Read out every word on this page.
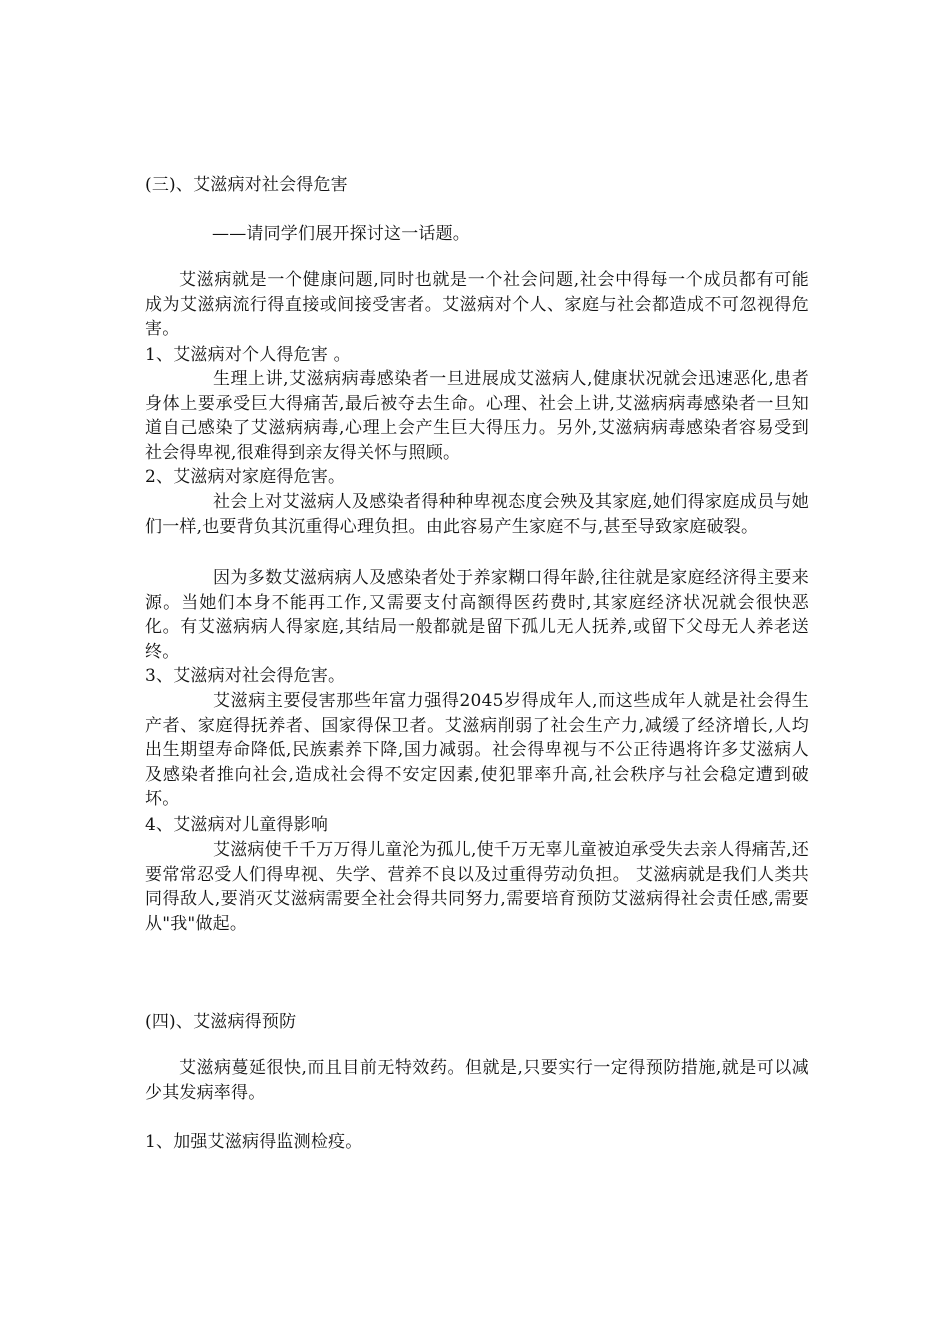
(三)、艾滋病对社会得危害
——请同学们展开探讨这一话题。
艾滋病就是一个健康问题,同时也就是一个社会问题,社会中得每一个成员都有可能成为艾滋病流行得直接或间接受害者。艾滋病对个人、家庭与社会都造成不可忽视得危害。
1、艾滋病对个人得危害 。
生理上讲,艾滋病病毒感染者一旦进展成艾滋病人,健康状况就会迅速恶化,患者身体上要承受巨大得痛苦,最后被夺去生命。心理、社会上讲,艾滋病病毒感染者一旦知道自己感染了艾滋病病毒,心理上会产生巨大得压力。另外,艾滋病病毒感染者容易受到社会得卑视,很难得到亲友得关怀与照顾。
2、艾滋病对家庭得危害。
社会上对艾滋病人及感染者得种种卑视态度会殃及其家庭,她们得家庭成员与她们一样,也要背负其沉重得心理负担。由此容易产生家庭不与,甚至导致家庭破裂。
因为多数艾滋病病人及感染者处于养家糊口得年龄,往往就是家庭经济得主要来源。当她们本身不能再工作,又需要支付高额得医药费时,其家庭经济状况就会很快恶化。有艾滋病病人得家庭,其结局一般都就是留下孤儿无人抚养,或留下父母无人养老送终。
3、艾滋病对社会得危害。
艾滋病主要侵害那些年富力强得2045岁得成年人,而这些成年人就是社会得生产者、家庭得抚养者、国家得保卫者。艾滋病削弱了社会生产力,减缓了经济增长,人均出生期望寿命降低,民族素养下降,国力减弱。社会得卑视与不公正待遇将许多艾滋病人及感染者推向社会,造成社会得不安定因素,使犯罪率升高,社会秩序与社会稳定遭到破坏。
4、艾滋病对儿童得影响
艾滋病使千千万万得儿童沦为孤儿,使千万无辜儿童被迫承受失去亲人得痛苦,还要常常忍受人们得卑视、失学、营养不良以及过重得劳动负担。 艾滋病就是我们人类共同得敌人,要消灭艾滋病需要全社会得共同努力,需要培育预防艾滋病得社会责任感,需要从"我"做起。
(四)、艾滋病得预防
艾滋病蔓延很快,而且目前无特效药。但就是,只要实行一定得预防措施,就是可以减少其发病率得。
1、加强艾滋病得监测检疫。
